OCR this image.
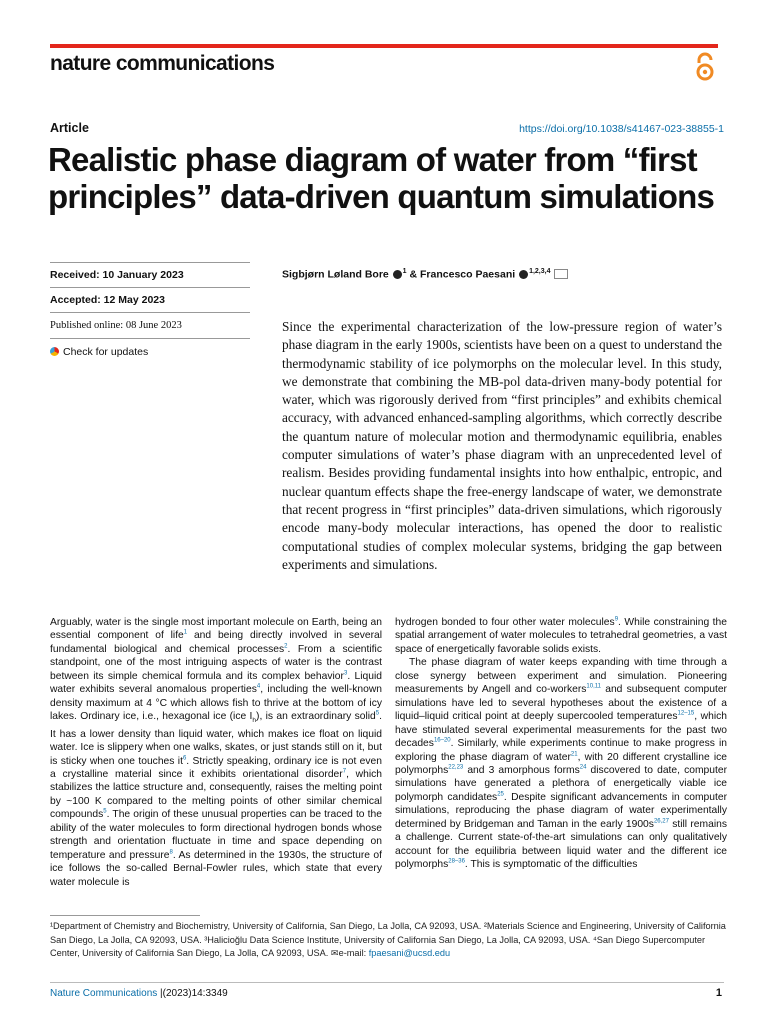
nature communications
Article	https://doi.org/10.1038/s41467-023-38855-1
Realistic phase diagram of water from “first principles” data-driven quantum simulations
Received: 10 January 2023
Accepted: 12 May 2023
Published online: 08 June 2023
Check for updates
Sigbjørn Løland Bore $^1$ & Francesco Paesani $^{1,2,3,4}$
Since the experimental characterization of the low-pressure region of water’s phase diagram in the early 1900s, scientists have been on a quest to understand the thermodynamic stability of ice polymorphs on the molecular level. In this study, we demonstrate that combining the MB-pol data-driven many-body potential for water, which was rigorously derived from “first principles” and exhibits chemical accuracy, with advanced enhanced-sampling algorithms, which correctly describe the quantum nature of molecular motion and thermodynamic equilibria, enables computer simulations of water’s phase diagram with an unprecedented level of realism. Besides providing fundamental insights into how enthalpic, entropic, and nuclear quantum effects shape the free-energy landscape of water, we demonstrate that recent progress in “first principles” data-driven simulations, which rigorously encode many-body molecular interactions, has opened the door to realistic computational studies of complex molecular systems, bridging the gap between experiments and simulations.

Arguably, water is the single most important molecule on Earth, being an essential component of life$^1$ and being directly involved in several fundamental biological and chemical processes$^2$. From a scientific standpoint, one of the most intriguing aspects of water is the contrast between its simple chemical formula and its complex behavior$^3$. Liquid water exhibits several anomalous properties$^4$, including the well-known density maximum at 4 °C which allows fish to thrive at the bottom of icy lakes. Ordinary ice, i.e., hexagonal ice (ice $I_h$), is an extraordinary solid$^5$. It has a lower density than liquid water, which makes ice float on liquid water. Ice is slippery when one walks, skates, or just stands still on it, but is sticky when one touches $it^6$. Strictly speaking, ordinary ice is not even a crystalline material since it exhibits orientational disorder$^7$, which stabilizes the lattice structure and, consequently, raises the melting point by ~100 K compared to the melting points of other similar chemical compounds$^5$. The origin of these unusual properties can be traced to the ability of the water molecules to form directional hydrogen bonds whose strength and orientation fluctuate in time and space depending on temperature and pressure$^8$. As determined in the 1930s, the structure of ice follows the so-called Bernal-Fowler rules, which state that every water molecule is

hydrogen bonded to four other water molecules$^9$. While constraining the spatial arrangement of water molecules to tetrahedral geometries, a vast space of energetically favorable solids exists.

The phase diagram of water keeps expanding with time through a close synergy between experiment and simulation. Pioneering measurements by Angell and co-workers$^{10,11}$ and subsequent computer simulations have led to several hypotheses about the existence of a liquid–liquid critical point at deeply supercooled temperatures$^{12-15}$, which have stimulated several experimental measurements for the past two decades$^{16-20}$. Similarly, while experiments continue to make progress in exploring the phase diagram of water$^{21}$, with 20 different crystalline ice polymorphs$^{22,23}$ and 3 amorphous forms$^{24}$ discovered to date, computer simulations have generated a plethora of energetically viable ice polymorph candidates$^{25}$. Despite significant advancements in computer simulations, reproducing the phase diagram of water experimentally determined by Bridgeman and Taman in the early $1900s^{26,27}$ still remains a challenge. Current state-of-the-art simulations can only qualitatively account for the equilibria between liquid water and the different ice polymorphs$^{28-36}$. This is symptomatic of the difficulties

¹Department of Chemistry and Biochemistry, University of California, San Diego, La Jolla, CA 92093, USA. ²Materials Science and Engineering, University of California San Diego, La Jolla, CA 92093, USA. ³Halicioğlu Data Science Institute, University of California San Diego, La Jolla, CA 92093, USA. ⁴San Diego Supercomputer Center, University of California San Diego, La Jolla, CA 92093, USA. ✉e-mail: fpaesani@ucsd.edu
Nature Communications |(2023)14:3349	1
